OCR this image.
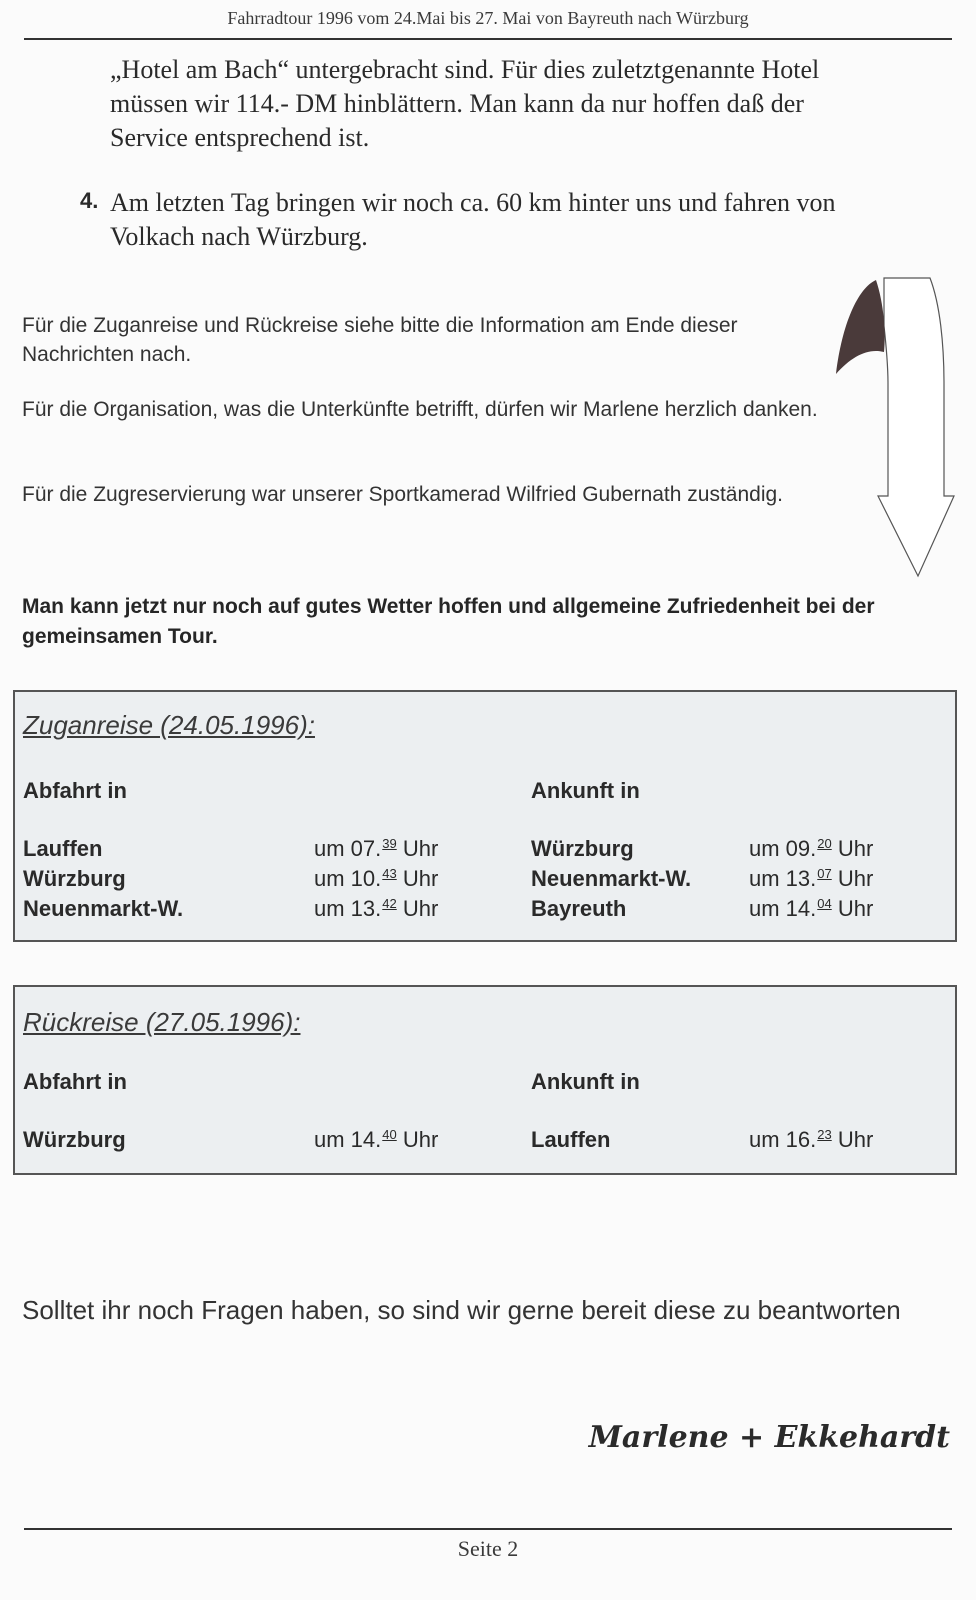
Fahrradtour 1996 vom 24.Mai bis 27. Mai von Bayreuth nach Würzburg
„Hotel am Bach“ untergebracht sind. Für dies zuletztgenannte Hotel müssen wir 114.- DM hinblättern. Man kann da nur hoffen daß der Service entsprechend ist.
4. Am letzten Tag bringen wir noch ca. 60 km hinter uns und fahren von Volkach nach Würzburg.
Für die Zuganreise und Rückreise siehe bitte die Information am Ende dieser Nachrichten nach.
Für die Organisation, was die Unterkünfte betrifft, dürfen wir Marlene herzlich danken.
Für die Zugreservierung war unserer Sportkamerad Wilfried Gubernath zuständig.
Man kann jetzt nur noch auf gutes Wetter hoffen und allgemeine Zufriedenheit bei der gemeinsamen Tour.
Zuganreise (24.05.1996):
Abfahrt in	Ankunft in
Lauffen	um 07.39 Uhr	Würzburg	um 09.20 Uhr
Würzburg	um 10.43 Uhr	Neuenmarkt-W.	um 13.07 Uhr
Neuenmarkt-W.	um 13.42 Uhr	Bayreuth	um 14.04 Uhr
Rückreise (27.05.1996):
Abfahrt in	Ankunft in
Würzburg	um 14.40 Uhr	Lauffen	um 16.23 Uhr
Solltet ihr noch Fragen haben, so sind wir gerne bereit diese zu beantworten
Marlene + Ekkehardt
Seite 2
